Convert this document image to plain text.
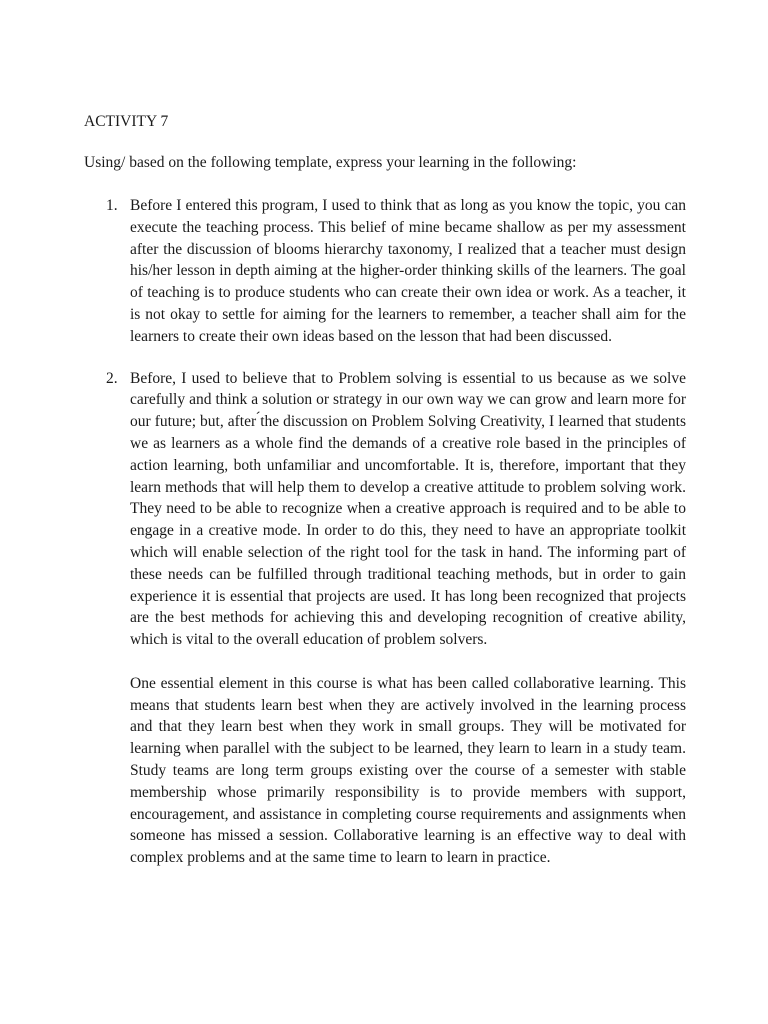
ACTIVITY 7

Using/ based on the following template, express your learning in the following:

1. Before I entered this program, I used to think that as long as you know the topic, you can execute the teaching process. This belief of mine became shallow as per my assessment after the discussion of blooms hierarchy taxonomy, I realized that a teacher must design his/her lesson in depth aiming at the higher-order thinking skills of the learners. The goal of teaching is to produce students who can create their own idea or work. As a teacher, it is not okay to settle for aiming for the learners to remember, a teacher shall aim for the learners to create their own ideas based on the lesson that had been discussed.

2. Before, I used to believe that to Problem solving is essential to us because as we solve carefully and think a solution or strategy in our own way we can grow and learn more for our future; but, after ́the discussion on Problem Solving Creativity, I learned that students we as learners as a whole find the demands of a creative role based in the principles of action learning, both unfamiliar and uncomfortable. It is, therefore, important that they learn methods that will help them to develop a creative attitude to problem solving work. They need to be able to recognize when a creative approach is required and to be able to engage in a creative mode. In order to do this, they need to have an appropriate toolkit which will enable selection of the right tool for the task in hand. The informing part of these needs can be fulfilled through traditional teaching methods, but in order to gain experience it is essential that projects are used. It has long been recognized that projects are the best methods for achieving this and developing recognition of creative ability, which is vital to the overall education of problem solvers.

One essential element in this course is what has been called collaborative learning. This means that students learn best when they are actively involved in the learning process and that they learn best when they work in small groups. They will be motivated for learning when parallel with the subject to be learned, they learn to learn in a study team. Study teams are long term groups existing over the course of a semester with stable membership whose primarily responsibility is to provide members with support, encouragement, and assistance in completing course requirements and assignments when someone has missed a session. Collaborative learning is an effective way to deal with complex problems and at the same time to learn to learn in practice.
